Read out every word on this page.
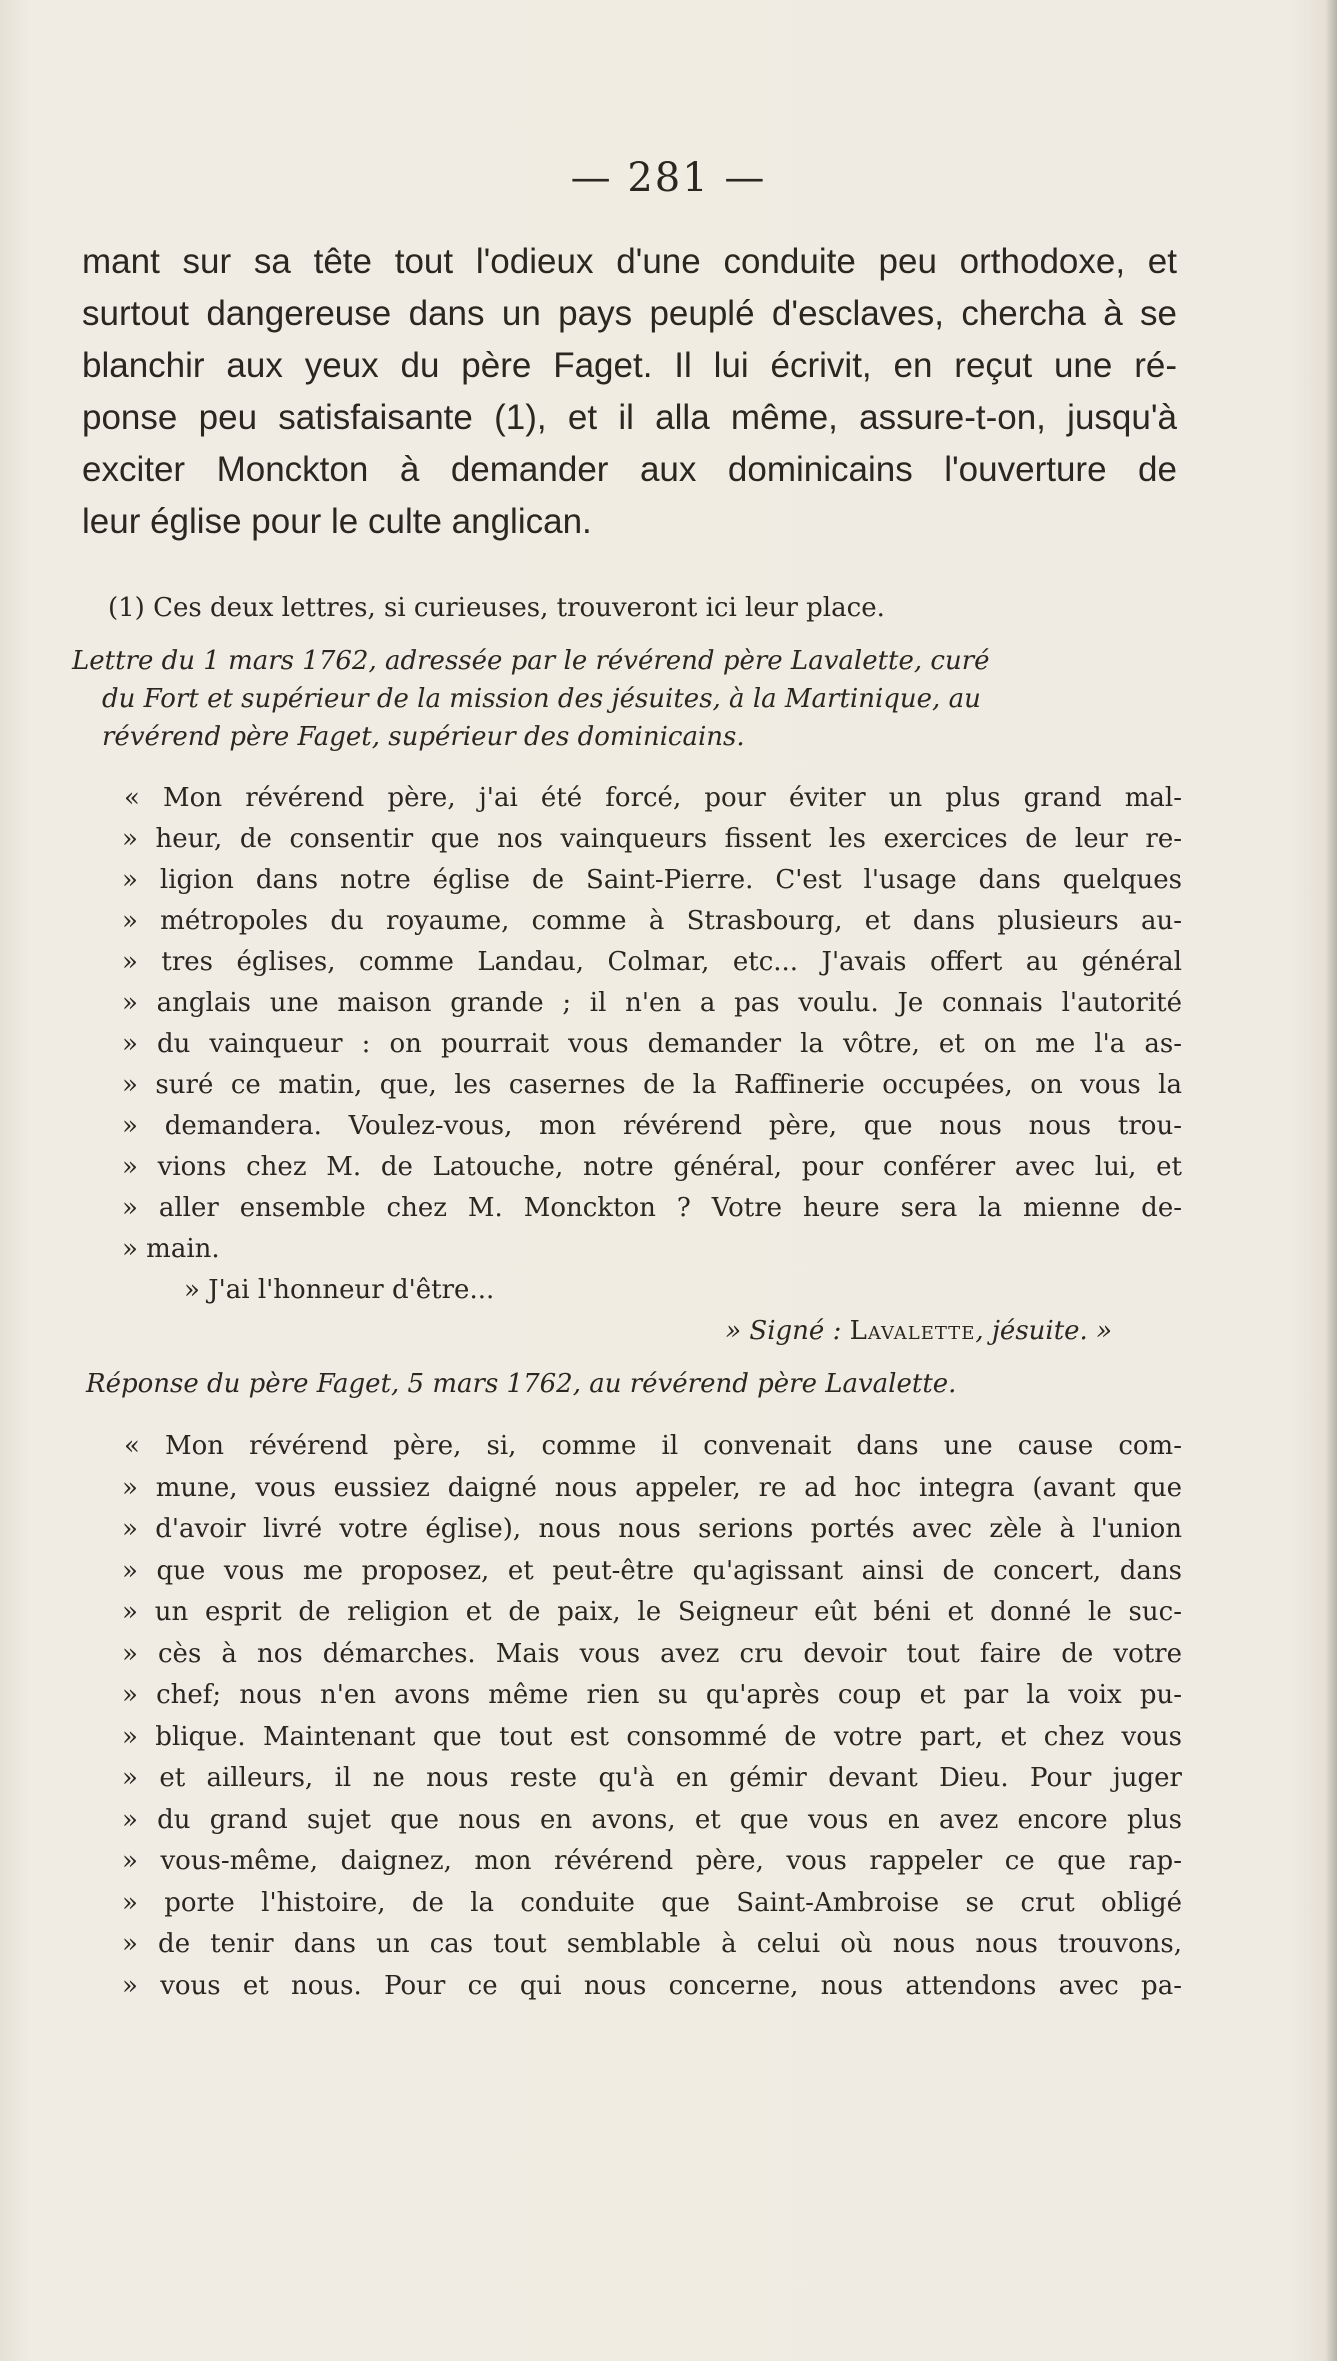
— 281 —
mant sur sa tête tout l'odieux d'une conduite peu orthodoxe, et
surtout dangereuse dans un pays peuplé d'esclaves, chercha à se
blanchir aux yeux du père Faget. Il lui écrivit, en reçut une ré-
ponse peu satisfaisante (1), et il alla même, assure-t-on, jusqu'à
exciter Monckton à demander aux dominicains l'ouverture de
leur église pour le culte anglican.
(1) Ces deux lettres, si curieuses, trouveront ici leur place.
Lettre du 1 mars 1762, adressée par le révérend père Lavalette, curé
du Fort et supérieur de la mission des jésuites, à la Martinique, au
révérend père Faget, supérieur des dominicains.
« Mon révérend père, j'ai été forcé, pour éviter un plus grand mal-
» heur, de consentir que nos vainqueurs fissent les exercices de leur re-
» ligion dans notre église de Saint-Pierre. C'est l'usage dans quelques
» métropoles du royaume, comme à Strasbourg, et dans plusieurs au-
» tres églises, comme Landau, Colmar, etc... J'avais offert au général
» anglais une maison grande ; il n'en a pas voulu. Je connais l'autorité
» du vainqueur : on pourrait vous demander la vôtre, et on me l'a as-
» suré ce matin, que, les casernes de la Raffinerie occupées, on vous la
» demandera. Voulez-vous, mon révérend père, que nous nous trou-
» vions chez M. de Latouche, notre général, pour conférer avec lui, et
» aller ensemble chez M. Monckton ? Votre heure sera la mienne de-
» main.
» J'ai l'honneur d'être...
» Signé : Lavalette, jésuite. »
Réponse du père Faget, 5 mars 1762, au révérend père Lavalette.
« Mon révérend père, si, comme il convenait dans une cause com-
» mune, vous eussiez daigné nous appeler, re ad hoc integra (avant que
» d'avoir livré votre église), nous nous serions portés avec zèle à l'union
» que vous me proposez, et peut-être qu'agissant ainsi de concert, dans
» un esprit de religion et de paix, le Seigneur eût béni et donné le suc-
» cès à nos démarches. Mais vous avez cru devoir tout faire de votre
» chef; nous n'en avons même rien su qu'après coup et par la voix pu-
» blique. Maintenant que tout est consommé de votre part, et chez vous
» et ailleurs, il ne nous reste qu'à en gémir devant Dieu. Pour juger
» du grand sujet que nous en avons, et que vous en avez encore plus
» vous-même, daignez, mon révérend père, vous rappeler ce que rap-
» porte l'histoire, de la conduite que Saint-Ambroise se crut obligé
» de tenir dans un cas tout semblable à celui où nous nous trouvons,
» vous et nous. Pour ce qui nous concerne, nous attendons avec pa-
